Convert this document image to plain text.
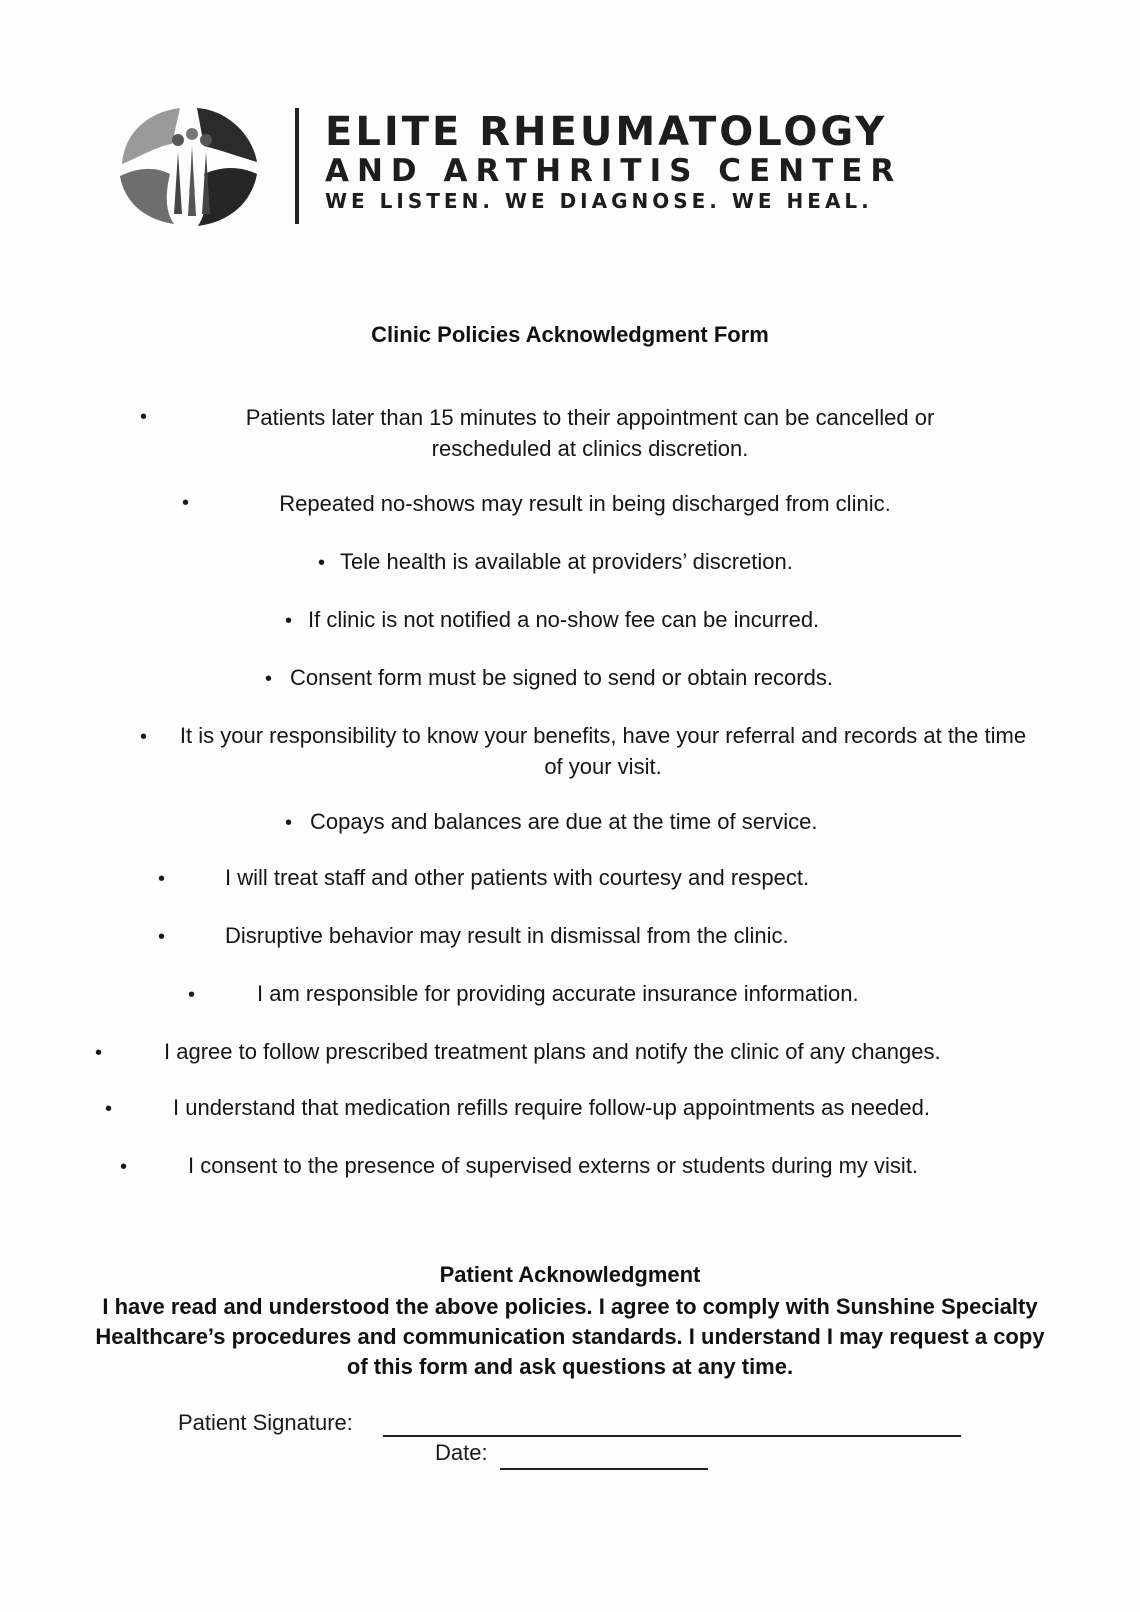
ELITE RHEUMATOLOGY
AND ARTHRITIS CENTER
WE LISTEN. WE DIAGNOSE. WE HEAL.
Clinic Policies Acknowledgment Form
•	Patients later than 15 minutes to their appointment can be cancelled or rescheduled at clinics discretion.
•	Repeated no-shows may result in being discharged from clinic.
• Tele health is available at providers’ discretion.
• If clinic is not notified a no-show fee can be incurred.
• Consent form must be signed to send or obtain records.
•	It is your responsibility to know your benefits, have your referral and records at the time of your visit.
• Copays and balances are due at the time of service.
•	I will treat staff and other patients with courtesy and respect.
•	Disruptive behavior may result in dismissal from the clinic.
•	I am responsible for providing accurate insurance information.
•	I agree to follow prescribed treatment plans and notify the clinic of any changes.
•	I understand that medication refills require follow-up appointments as needed.
•	I consent to the presence of supervised externs or students during my visit.
Patient Acknowledgment
I have read and understood the above policies. I agree to comply with Sunshine Specialty Healthcare’s procedures and communication standards. I understand I may request a copy of this form and ask questions at any time.
Patient Signature:
Date:
